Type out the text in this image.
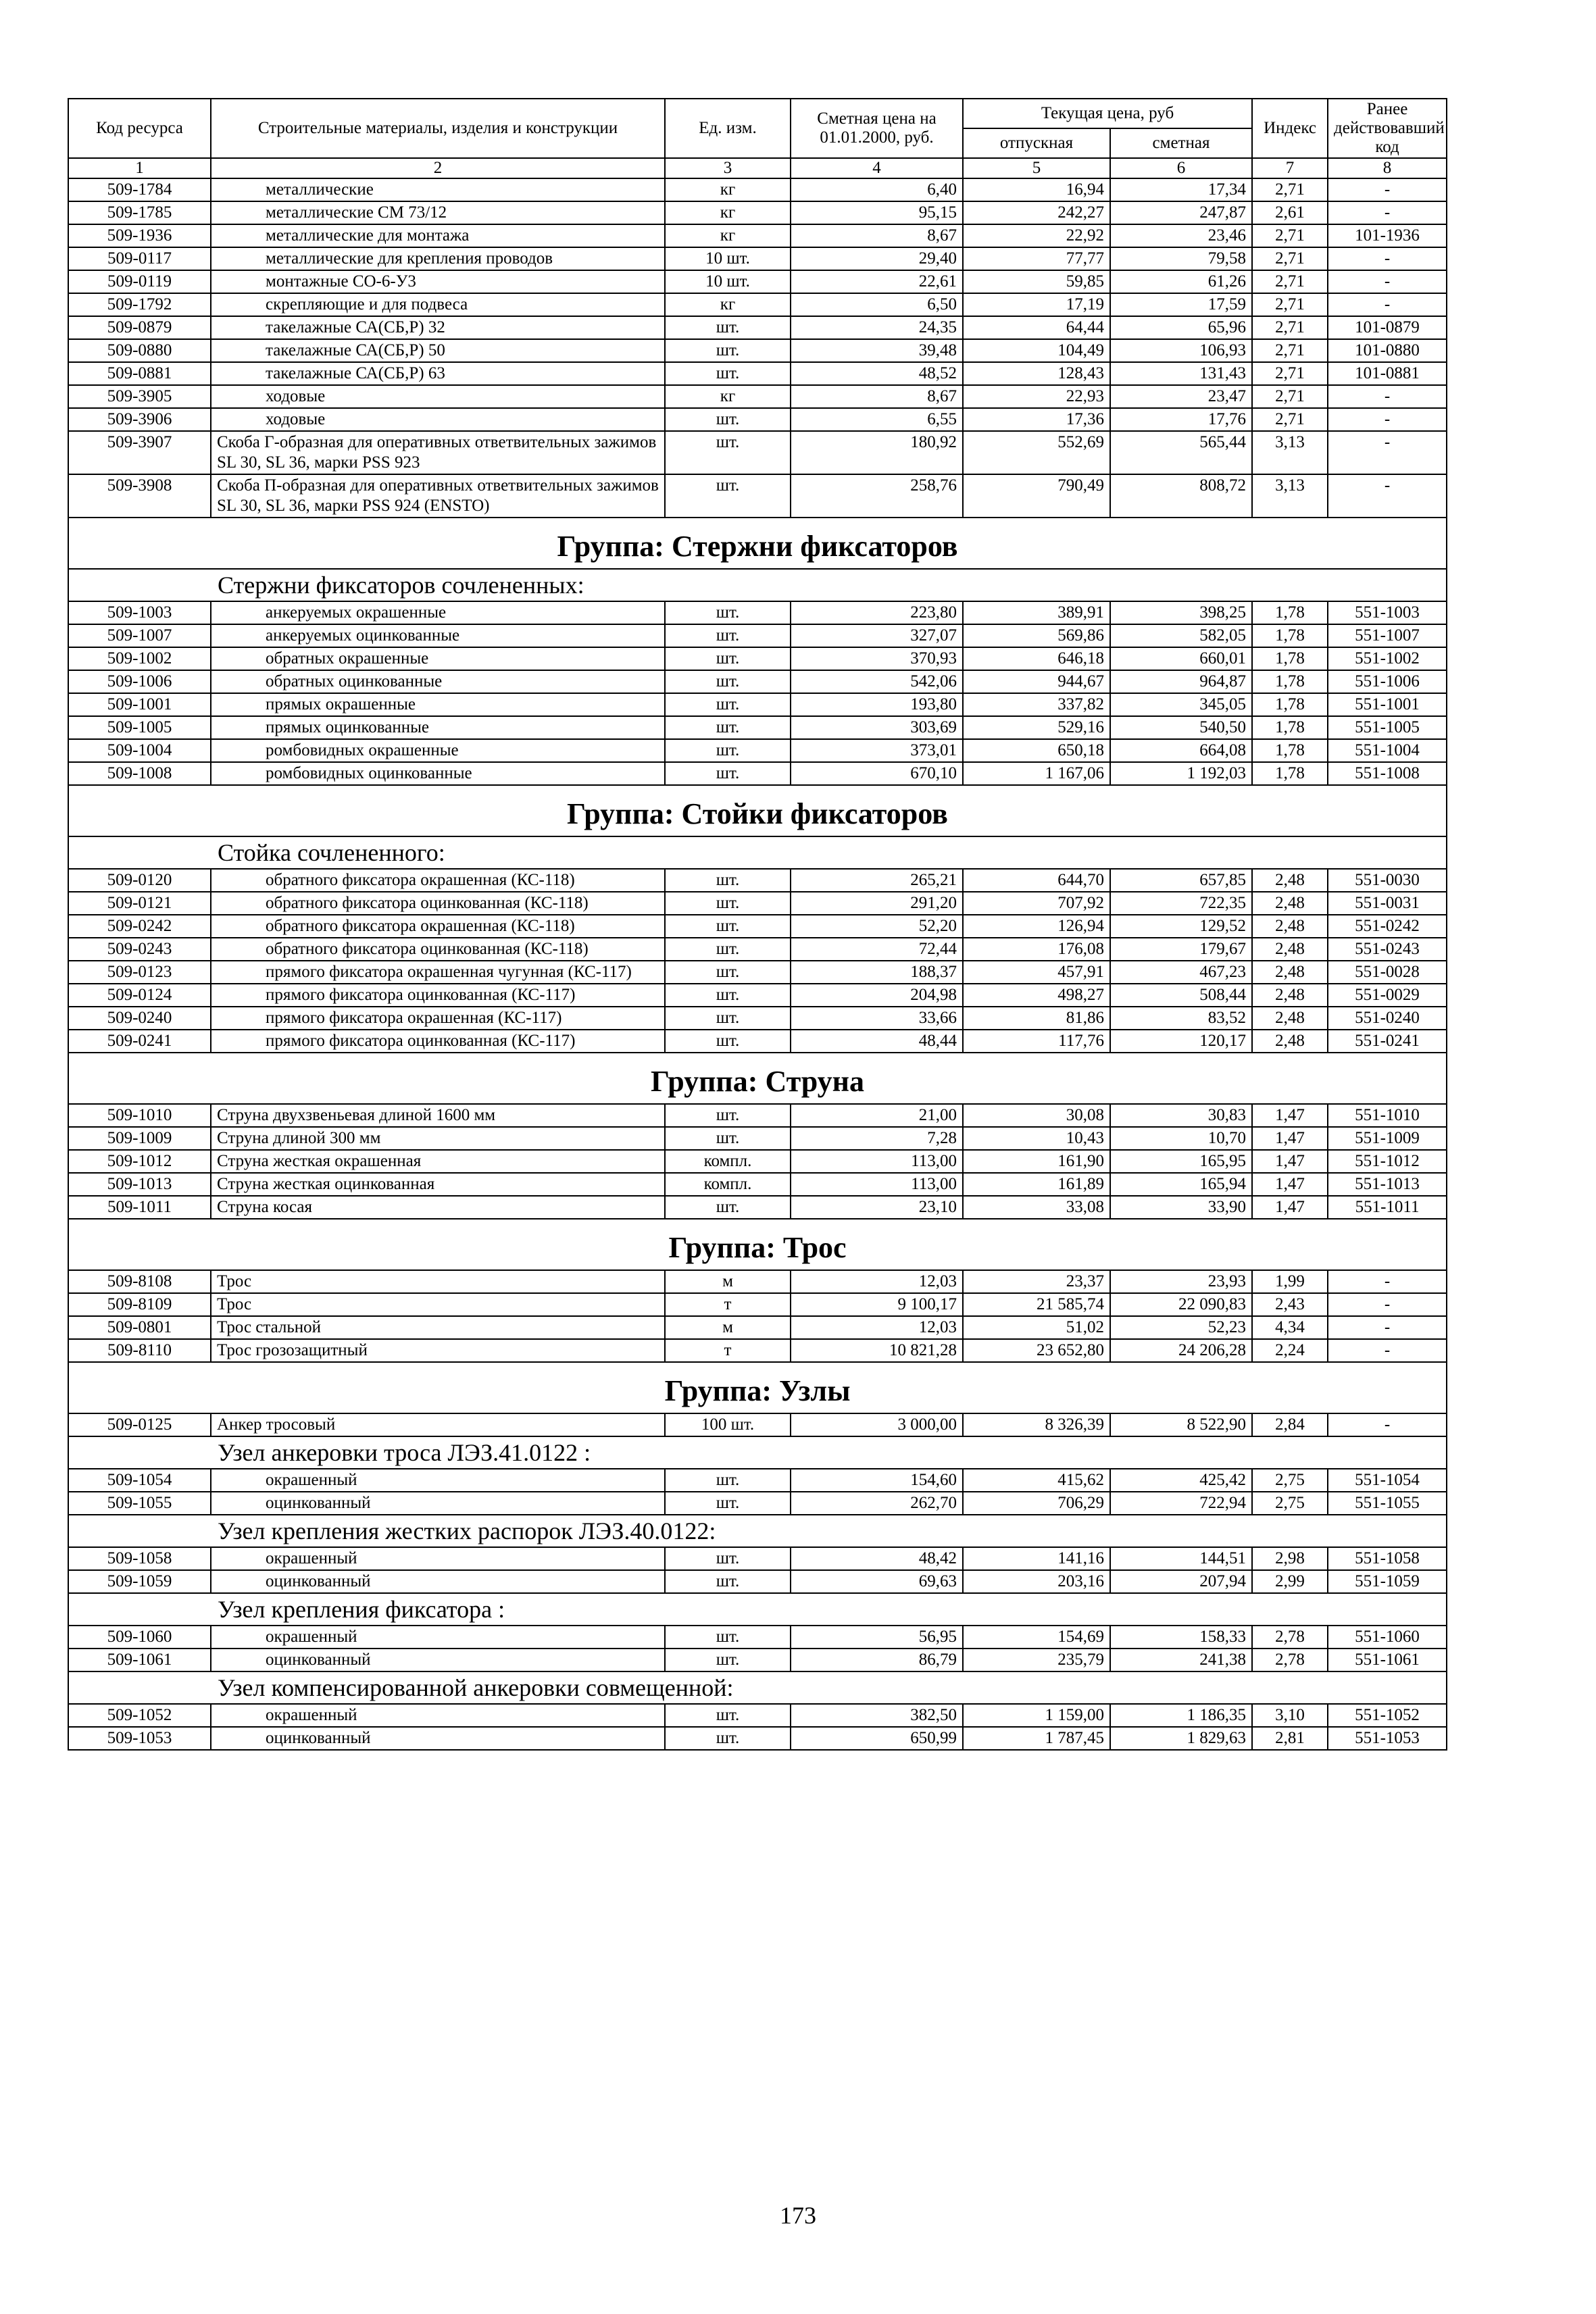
Код ресурса	Строительные материалы, изделия и конструкции	Ед. изм.	Сметная цена на 01.01.2000, руб.	Текущая цена, руб		Индекс	Ранее действовавший код
				отпускная	сметная		
1	2	3	4	5	6	7	8
509-1784	металлические	кг	6,40	16,94	17,34	2,71	-
509-1785	металлические СМ 73/12	кг	95,15	242,27	247,87	2,61	-
509-1936	металлические для монтажа	кг	8,67	22,92	23,46	2,71	101-1936
509-0117	металлические для крепления проводов	10 шт.	29,40	77,77	79,58	2,71	-
509-0119	монтажные СО-6-У3	10 шт.	22,61	59,85	61,26	2,71	-
509-1792	скрепляющие и для подвеса	кг	6,50	17,19	17,59	2,71	-
509-0879	такелажные СА(СБ,Р) 32	шт.	24,35	64,44	65,96	2,71	101-0879
509-0880	такелажные СА(СБ,Р) 50	шт.	39,48	104,49	106,93	2,71	101-0880
509-0881	такелажные СА(СБ,Р) 63	шт.	48,52	128,43	131,43	2,71	101-0881
509-3905	ходовые	кг	8,67	22,93	23,47	2,71	-
509-3906	ходовые	шт.	6,55	17,36	17,76	2,71	-
509-3907	Скоба Г-образная для оперативных ответвительных зажимов SL 30, SL 36, марки PSS 923	шт.	180,92	552,69	565,44	3,13	-
509-3908	Скоба П-образная для оперативных ответвительных зажимов SL 30, SL 36, марки PSS 924 (ENSTO)	шт.	258,76	790,49	808,72	3,13	-
Группа: Стержни фиксаторов							
Стержни фиксаторов сочлененных:							
509-1003	анкеруемых окрашенные	шт.	223,80	389,91	398,25	1,78	551-1003
509-1007	анкеруемых оцинкованные	шт.	327,07	569,86	582,05	1,78	551-1007
509-1002	обратных окрашенные	шт.	370,93	646,18	660,01	1,78	551-1002
509-1006	обратных оцинкованные	шт.	542,06	944,67	964,87	1,78	551-1006
509-1001	прямых окрашенные	шт.	193,80	337,82	345,05	1,78	551-1001
509-1005	прямых оцинкованные	шт.	303,69	529,16	540,50	1,78	551-1005
509-1004	ромбовидных окрашенные	шт.	373,01	650,18	664,08	1,78	551-1004
509-1008	ромбовидных оцинкованные	шт.	670,10	1 167,06	1 192,03	1,78	551-1008
Группа: Стойки фиксаторов							
Стойка сочлененного:							
509-0120	обратного фиксатора окрашенная (КС-118)	шт.	265,21	644,70	657,85	2,48	551-0030
509-0121	обратного фиксатора оцинкованная (КС-118)	шт.	291,20	707,92	722,35	2,48	551-0031
509-0242	обратного фиксатора окрашенная (КС-118)	шт.	52,20	126,94	129,52	2,48	551-0242
509-0243	обратного фиксатора оцинкованная (КС-118)	шт.	72,44	176,08	179,67	2,48	551-0243
509-0123	прямого фиксатора окрашенная чугунная (КС-117)	шт.	188,37	457,91	467,23	2,48	551-0028
509-0124	прямого фиксатора оцинкованная (КС-117)	шт.	204,98	498,27	508,44	2,48	551-0029
509-0240	прямого фиксатора окрашенная (КС-117)	шт.	33,66	81,86	83,52	2,48	551-0240
509-0241	прямого фиксатора оцинкованная (КС-117)	шт.	48,44	117,76	120,17	2,48	551-0241
Группа: Струна							
509-1010	Струна двухзвеньевая длиной 1600 мм	шт.	21,00	30,08	30,83	1,47	551-1010
509-1009	Струна длиной 300 мм	шт.	7,28	10,43	10,70	1,47	551-1009
509-1012	Струна жесткая окрашенная	компл.	113,00	161,90	165,95	1,47	551-1012
509-1013	Струна жесткая оцинкованная	компл.	113,00	161,89	165,94	1,47	551-1013
509-1011	Струна косая	шт.	23,10	33,08	33,90	1,47	551-1011
Группа: Трос							
509-8108	Трос	м	12,03	23,37	23,93	1,99	-
509-8109	Трос	т	9 100,17	21 585,74	22 090,83	2,43	-
509-0801	Трос стальной	м	12,03	51,02	52,23	4,34	-
509-8110	Трос грозозащитный	т	10 821,28	23 652,80	24 206,28	2,24	-
Группа: Узлы							
509-0125	Анкер тросовый	100 шт.	3 000,00	8 326,39	8 522,90	2,84	-
Узел анкеровки троса ЛЭЗ.41.0122 :							
509-1054	окрашенный	шт.	154,60	415,62	425,42	2,75	551-1054
509-1055	оцинкованный	шт.	262,70	706,29	722,94	2,75	551-1055
Узел крепления жестких распорок ЛЭЗ.40.0122:							
509-1058	окрашенный	шт.	48,42	141,16	144,51	2,98	551-1058
509-1059	оцинкованный	шт.	69,63	203,16	207,94	2,99	551-1059
Узел крепления фиксатора :							
509-1060	окрашенный	шт.	56,95	154,69	158,33	2,78	551-1060
509-1061	оцинкованный	шт.	86,79	235,79	241,38	2,78	551-1061
Узел компенсированной анкеровки совмещенной:							
509-1052	окрашенный	шт.	382,50	1 159,00	1 186,35	3,10	551-1052
509-1053	оцинкованный	шт.	650,99	1 787,45	1 829,63	2,81	551-1053
173
